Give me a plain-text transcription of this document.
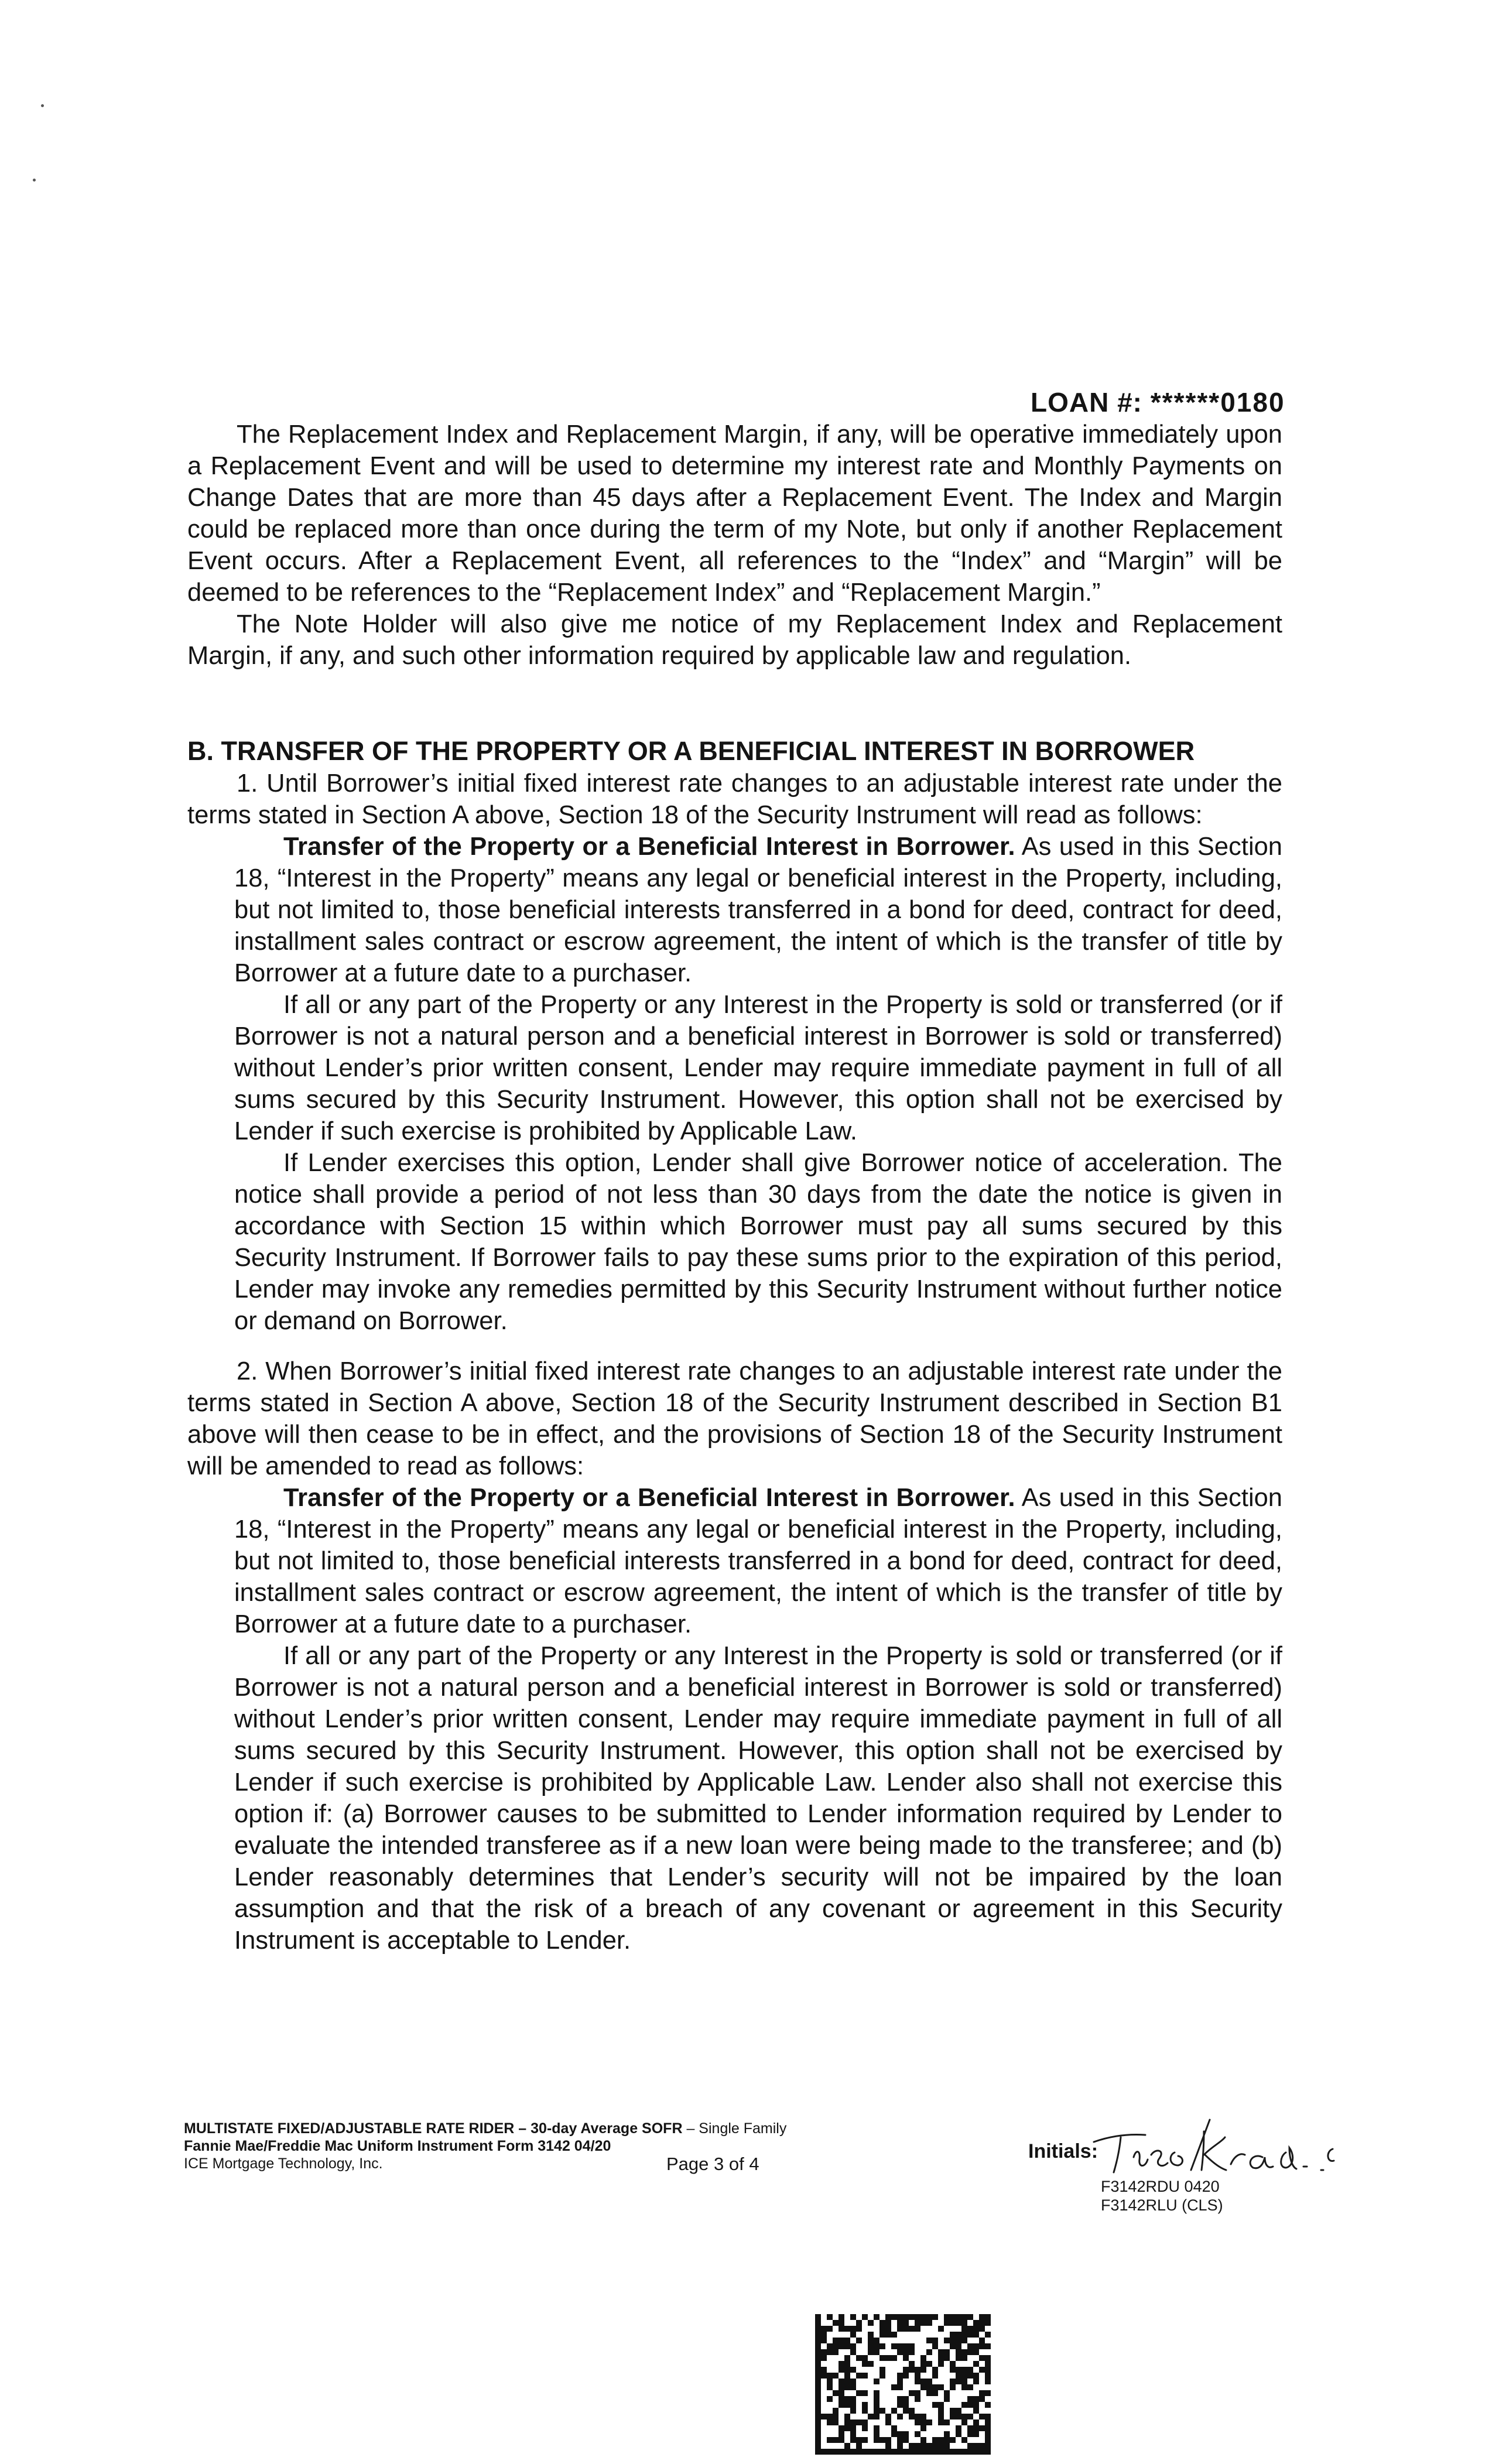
LOAN #: ******0180

The Replacement Index and Replacement Margin, if any, will be operative immediately upon a Replacement Event and will be used to determine my interest rate and Monthly Payments on Change Dates that are more than 45 days after a Replacement Event. The Index and Margin could be replaced more than once during the term of my Note, but only if another Replacement Event occurs. After a Replacement Event, all references to the “Index” and “Margin” will be deemed to be references to the “Replacement Index” and “Replacement Margin.”

The Note Holder will also give me notice of my Replacement Index and Replacement Margin, if any, and such other information required by applicable law and regulation.

B. TRANSFER OF THE PROPERTY OR A BENEFICIAL INTEREST IN BORROWER

1. Until Borrower’s initial fixed interest rate changes to an adjustable interest rate under the terms stated in Section A above, Section 18 of the Security Instrument will read as follows:

Transfer of the Property or a Beneficial Interest in Borrower. As used in this Section 18, “Interest in the Property” means any legal or beneficial interest in the Property, including, but not limited to, those beneficial interests transferred in a bond for deed, contract for deed, installment sales contract or escrow agreement, the intent of which is the transfer of title by Borrower at a future date to a purchaser.

If all or any part of the Property or any Interest in the Property is sold or transferred (or if Borrower is not a natural person and a beneficial interest in Borrower is sold or transferred) without Lender’s prior written consent, Lender may require immediate payment in full of all sums secured by this Security Instrument. However, this option shall not be exercised by Lender if such exercise is prohibited by Applicable Law.

If Lender exercises this option, Lender shall give Borrower notice of acceleration. The notice shall provide a period of not less than 30 days from the date the notice is given in accordance with Section 15 within which Borrower must pay all sums secured by this Security Instrument. If Borrower fails to pay these sums prior to the expiration of this period, Lender may invoke any remedies permitted by this Security Instrument without further notice or demand on Borrower.

2. When Borrower’s initial fixed interest rate changes to an adjustable interest rate under the terms stated in Section A above, Section 18 of the Security Instrument described in Section B1 above will then cease to be in effect, and the provisions of Section 18 of the Security Instrument will be amended to read as follows:

Transfer of the Property or a Beneficial Interest in Borrower. As used in this Section 18, “Interest in the Property” means any legal or beneficial interest in the Property, including, but not limited to, those beneficial interests transferred in a bond for deed, contract for deed, installment sales contract or escrow agreement, the intent of which is the transfer of title by Borrower at a future date to a purchaser.

If all or any part of the Property or any Interest in the Property is sold or transferred (or if Borrower is not a natural person and a beneficial interest in Borrower is sold or transferred) without Lender’s prior written consent, Lender may require immediate payment in full of all sums secured by this Security Instrument. However, this option shall not be exercised by Lender if such exercise is prohibited by Applicable Law. Lender also shall not exercise this option if: (a) Borrower causes to be submitted to Lender information required by Lender to evaluate the intended transferee as if a new loan were being made to the transferee; and (b) Lender reasonably determines that Lender’s security will not be impaired by the loan assumption and that the risk of a breach of any covenant or agreement in this Security Instrument is acceptable to Lender.

MULTISTATE FIXED/ADJUSTABLE RATE RIDER – 30-day Average SOFR – Single Family
Fannie Mae/Freddie Mac Uniform Instrument Form 3142 04/20
ICE Mortgage Technology, Inc.	Page 3 of 4
Initials:
F3142RDU 0420
F3142RLU (CLS)
